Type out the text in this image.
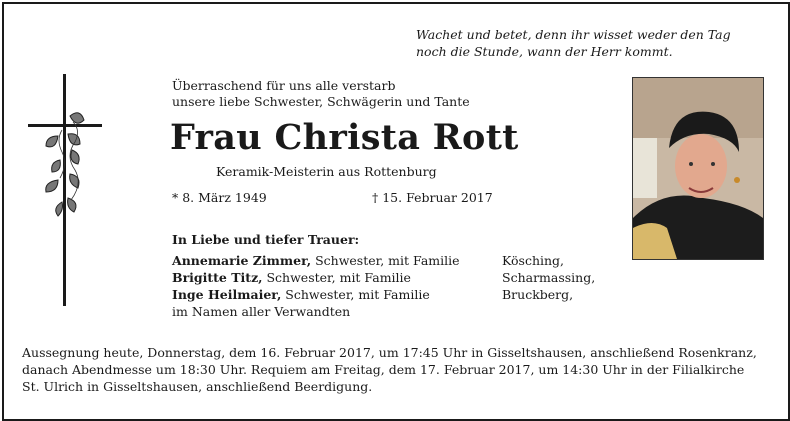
Wachet und betet, denn ihr wisset weder den Tag
noch die Stunde, wann der Herr kommt.
Überraschend für uns alle verstarb
unsere liebe Schwester, Schwägerin und Tante
Frau Christa Rott
Keramik-Meisterin aus Rottenburg
* 8. März 1949	† 15. Februar 2017
In Liebe und tiefer Trauer:
Annemarie Zimmer, Schwester, mit Familie	Kösching,
Brigitte Titz, Schwester, mit Familie	Scharmassing,
Inge Heilmaier, Schwester, mit Familie	Bruckberg,
im Namen aller Verwandten
Aussegnung heute, Donnerstag, dem 16. Februar 2017, um 17:45 Uhr in Gisseltshausen, anschließend Rosenkranz,
danach Abendmesse um 18:30 Uhr. Requiem am Freitag, dem 17. Februar 2017, um 14:30 Uhr in der Filialkirche
St. Ulrich in Gisseltshausen, anschließend Beerdigung.
